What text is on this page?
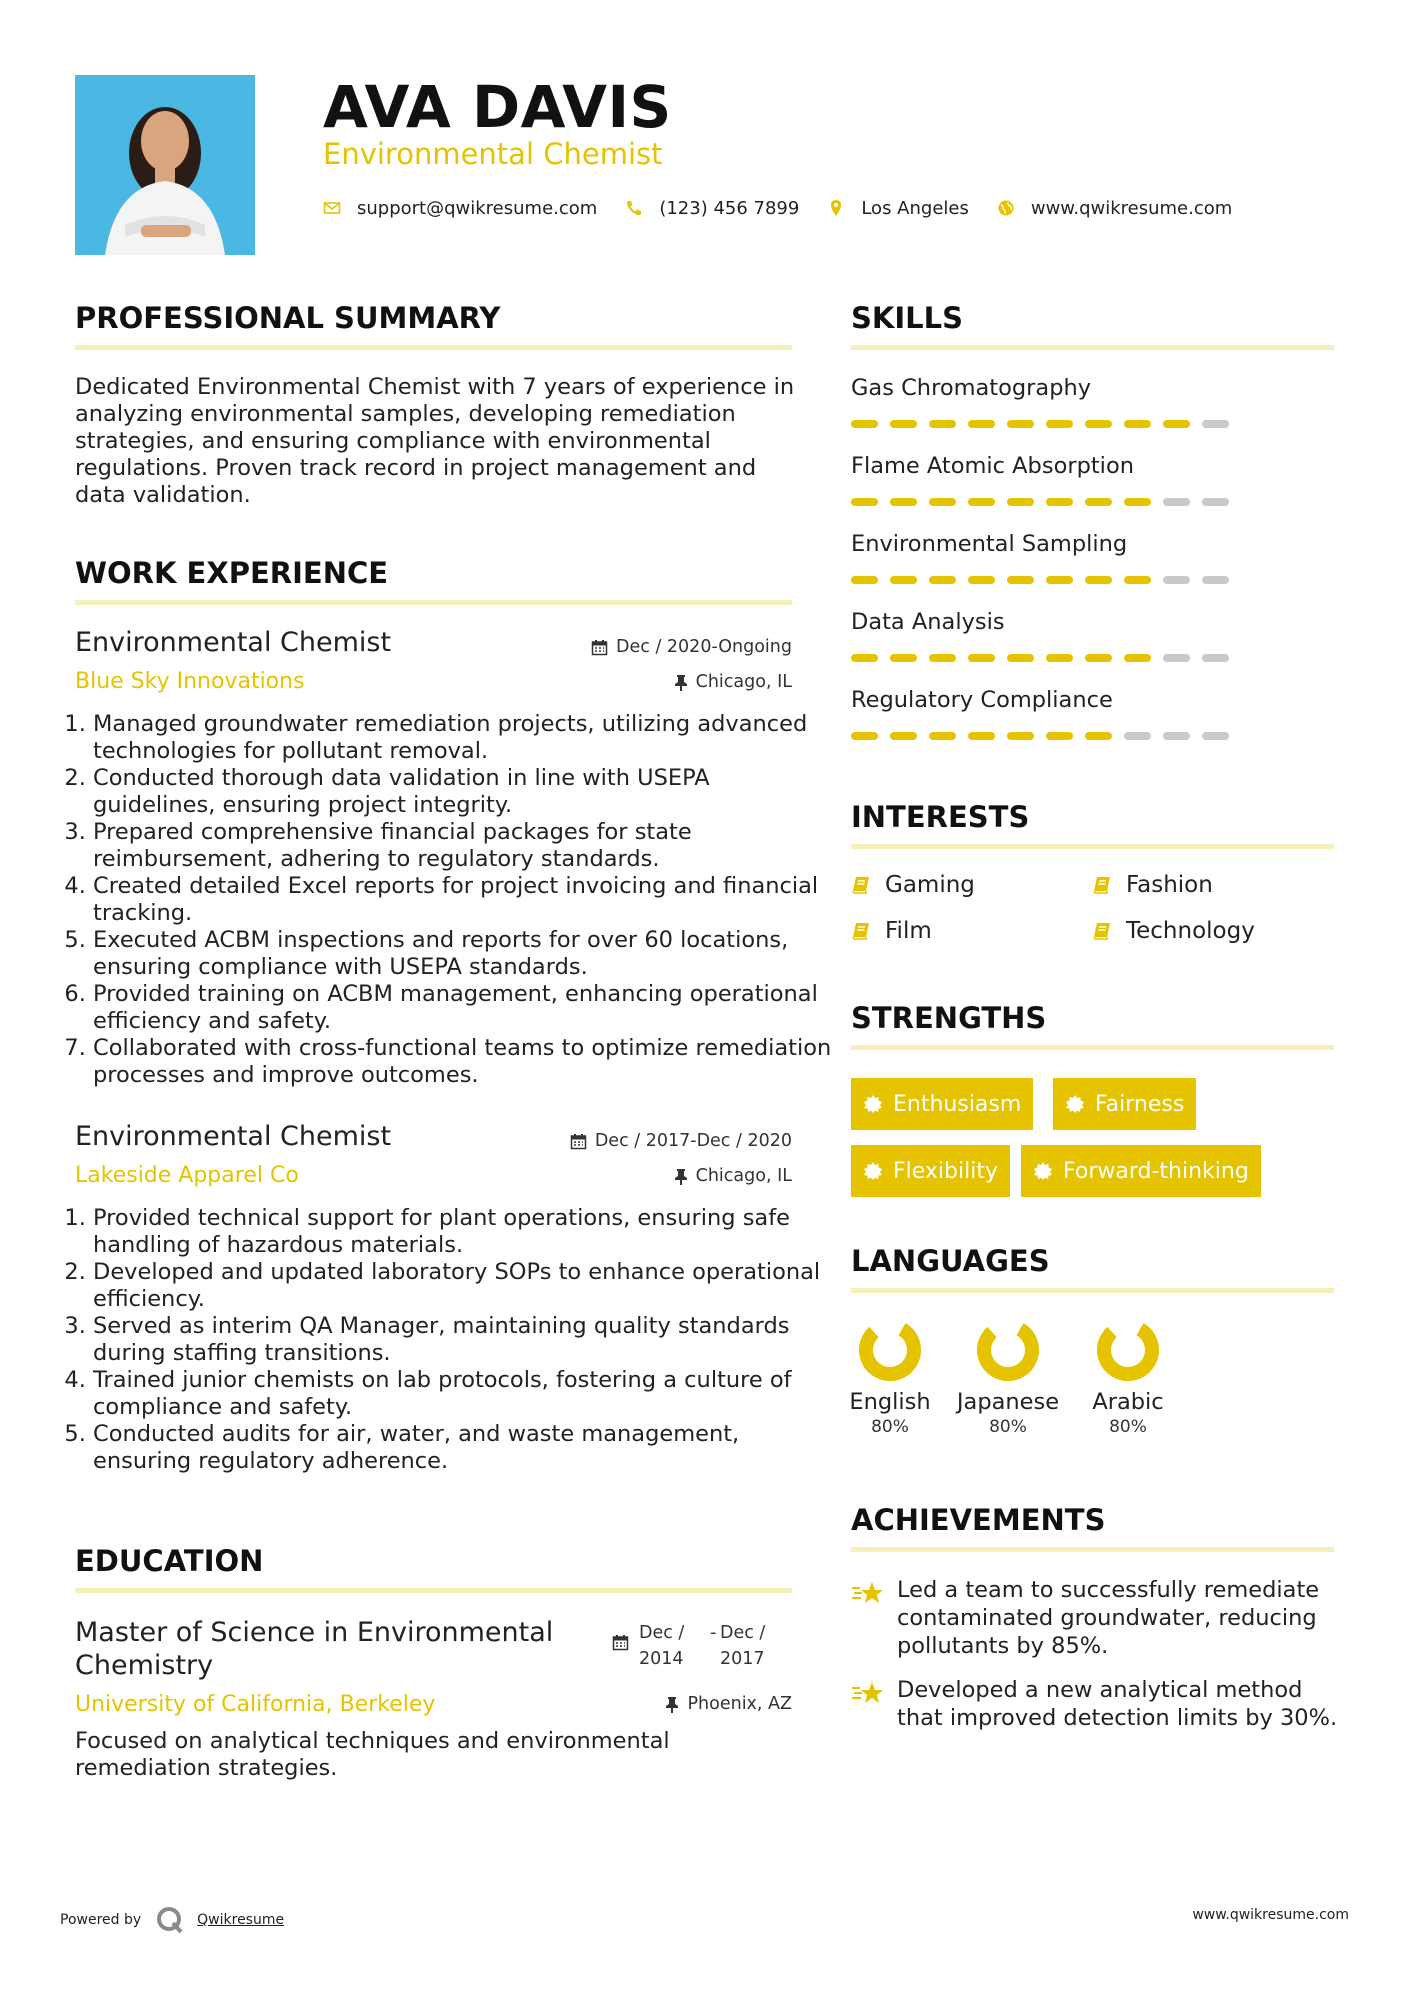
AVA DAVIS
Environmental Chemist
support@qwikresume.com	(123) 456 7899	Los Angeles	www.qwikresume.com
PROFESSIONAL SUMMARY
Dedicated Environmental Chemist with 7 years of experience in
analyzing environmental samples, developing remediation
strategies, and ensuring compliance with environmental
regulations. Proven track record in project management and
data validation.
WORK EXPERIENCE
Environmental Chemist	Dec / 2020-Ongoing
Blue Sky Innovations	Chicago, IL
1. Managed groundwater remediation projects, utilizing advanced technologies for pollutant removal.
2. Conducted thorough data validation in line with USEPA guidelines, ensuring project integrity.
3. Prepared comprehensive financial packages for state reimbursement, adhering to regulatory standards.
4. Created detailed Excel reports for project invoicing and financial tracking.
5. Executed ACBM inspections and reports for over 60 locations, ensuring compliance with USEPA standards.
6. Provided training on ACBM management, enhancing operational efficiency and safety.
7. Collaborated with cross-functional teams to optimize remediation processes and improve outcomes.
Environmental Chemist	Dec / 2017-Dec / 2020
Lakeside Apparel Co	Chicago, IL
1. Provided technical support for plant operations, ensuring safe handling of hazardous materials.
2. Developed and updated laboratory SOPs to enhance operational efficiency.
3. Served as interim QA Manager, maintaining quality standards during staffing transitions.
4. Trained junior chemists on lab protocols, fostering a culture of compliance and safety.
5. Conducted audits for air, water, and waste management, ensuring regulatory adherence.
EDUCATION
Master of Science in Environmental
Chemistry
Dec /
2014
- Dec /
2017
University of California, Berkeley	Phoenix, AZ
Focused on analytical techniques and environmental
remediation strategies.
SKILLS
Gas Chromatography
Flame Atomic Absorption
Environmental Sampling
Data Analysis
Regulatory Compliance
INTERESTS
Gaming	Fashion
Film	Technology
STRENGTHS
Enthusiasm	Fairness
Flexibility	Forward-thinking
LANGUAGES
English
80%
Japanese
80%
Arabic
80%
ACHIEVEMENTS
Led a team to successfully remediate
contaminated groundwater, reducing
pollutants by 85%.
Developed a new analytical method
that improved detection limits by 30%.
Powered by	Qwikresume	www.qwikresume.com
